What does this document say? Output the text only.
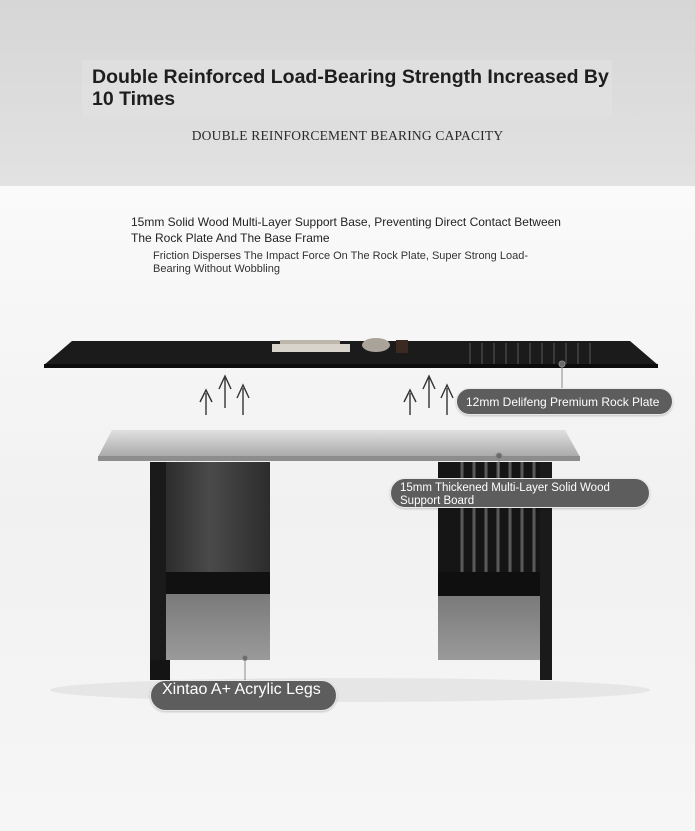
Double Reinforced Load-Bearing Strength Increased By 10 Times
DOUBLE REINFORCEMENT BEARING CAPACITY

15mm Solid Wood Multi-Layer Support Base, Preventing Direct Contact Between The Rock Plate And The Base Frame

Friction Disperses The Impact Force On The Rock Plate, Super Strong Load-Bearing Without Wobbling

12mm Delifeng Premium Rock Plate
15mm Thickened Multi-Layer Solid Wood Support Board
Xintao A+ Acrylic Legs
